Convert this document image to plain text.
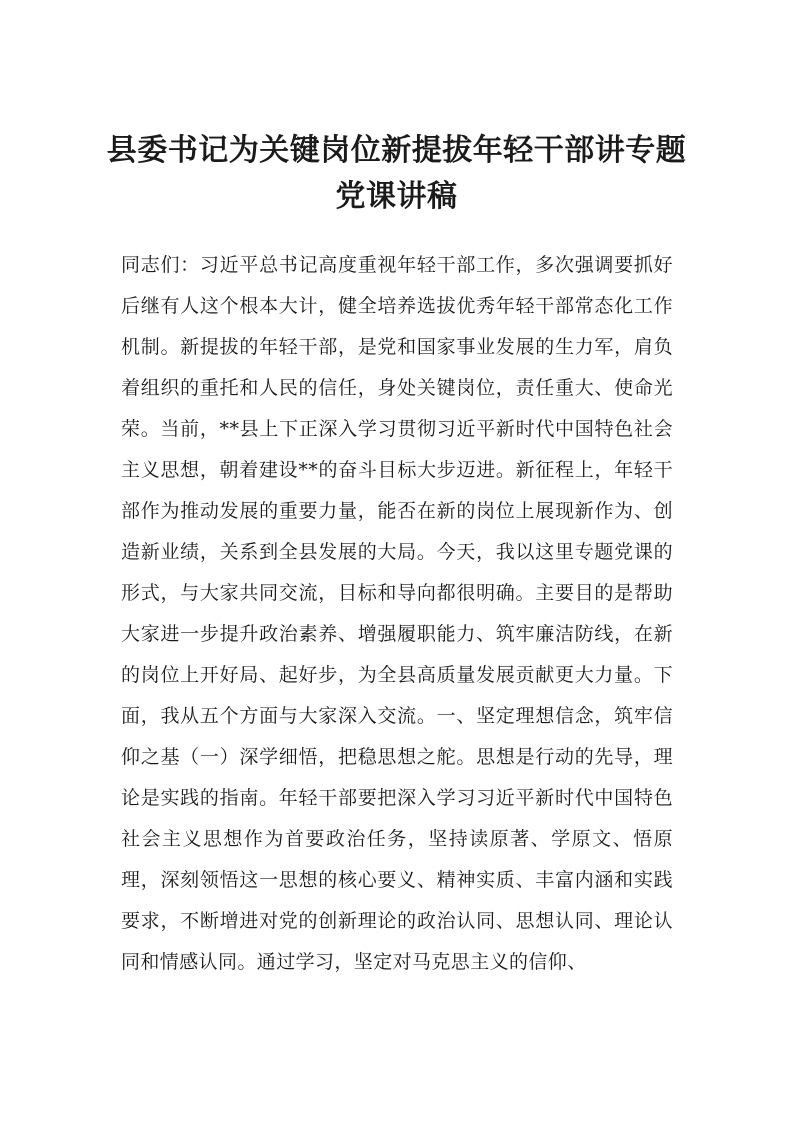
县委书记为关键岗位新提拔年轻干部讲专题党课讲稿

同志们：习近平总书记高度重视年轻干部工作，多次强调要抓好后继有人这个根本大计，健全培养选拔优秀年轻干部常态化工作机制。新提拔的年轻干部，是党和国家事业发展的生力军，肩负着组织的重托和人民的信任，身处关键岗位，责任重大、使命光荣。当前，**县上下正深入学习贯彻习近平新时代中国特色社会主义思想，朝着建设**的奋斗目标大步迈进。新征程上，年轻干部作为推动发展的重要力量，能否在新的岗位上展现新作为、创造新业绩，关系到全县发展的大局。今天，我以这里专题党课的形式，与大家共同交流，目标和导向都很明确。主要目的是帮助大家进一步提升政治素养、增强履职能力、筑牢廉洁防线，在新的岗位上开好局、起好步，为全县高质量发展贡献更大力量。下面，我从五个方面与大家深入交流。一、坚定理想信念，筑牢信仰之基（一）深学细悟，把稳思想之舵。思想是行动的先导，理论是实践的指南。年轻干部要把深入学习习近平新时代中国特色社会主义思想作为首要政治任务，坚持读原著、学原文、悟原理，深刻领悟这一思想的核心要义、精神实质、丰富内涵和实践要求，不断增进对党的创新理论的政治认同、思想认同、理论认同和情感认同。通过学习，坚定对马克思主义的信仰、
